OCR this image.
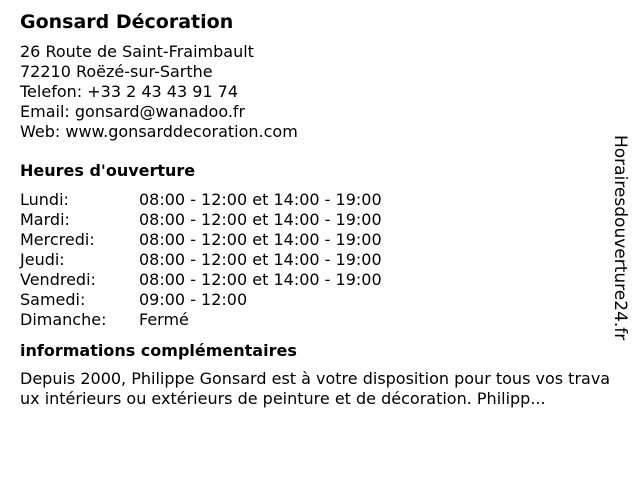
Gonsard Décoration
26 Route de Saint-Fraimbault
72210 Roëzé-sur-Sarthe
Telefon: +33 2 43 43 91 74
Email: gonsard@wanadoo.fr
Web: www.gonsarddecoration.com
Heures d'ouverture
Lundi:	08:00 - 12:00 et 14:00 - 19:00
Mardi:	08:00 - 12:00 et 14:00 - 19:00
Mercredi:	08:00 - 12:00 et 14:00 - 19:00
Jeudi:	08:00 - 12:00 et 14:00 - 19:00
Vendredi:	08:00 - 12:00 et 14:00 - 19:00
Samedi:	09:00 - 12:00
Dimanche:	Fermé
informations complémentaires

Depuis 2000, Philippe Gonsard est à votre disposition pour tous vos travaux intérieurs ou extérieurs de peinture et de décoration. Philipp...

Horairesdouverture24.fr
